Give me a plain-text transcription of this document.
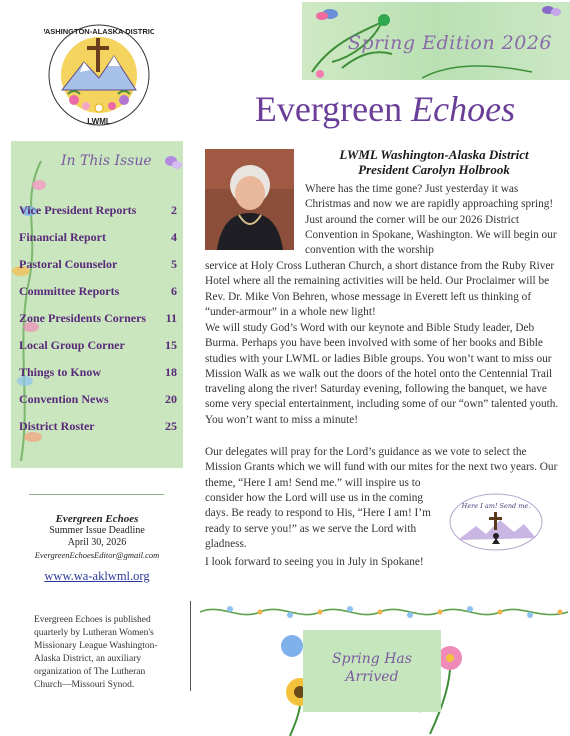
WASHINGTON-ALASKA DISTRICT
LWML
Spring Edition 2026
Evergreen Echoes
In This Issue
Vice President Reports	2
Financial Report	4
Pastoral Counselor	5
Committee Reports	6
Zone Presidents Corners 11
Local Group Corner	15
Things to Know	18
Convention News	20
District Roster	25
Evergreen Echoes
Summer Issue Deadline
April 30, 2026
EvergreenEchoesEditor@gmail.com
www.wa-aklwml.org
Evergreen Echoes is published quarterly by Lutheran Women's Missionary League Washington-Alaska District, an auxiliary organization of The Lutheran Church—Missouri Synod.
LWML Washington-Alaska District
President Carolyn Holbrook
Where has the time gone? Just yesterday it was Christmas and now we are rapidly approaching spring! Just around the corner will be our 2026 District Convention in Spokane, Washington. We will begin our convention with the worship
service at Holy Cross Lutheran Church, a short distance from the Ruby River Hotel where all the remaining activities will be held. Our Proclaimer will be Rev. Dr. Mike Von Behren, whose message in Everett left us thinking of “under-armour” in a whole new light!
We will study God’s Word with our keynote and Bible Study leader, Deb Burma. Perhaps you have been involved with some of her books and Bible studies with your LWML or ladies Bible groups. You won’t want to miss our Mission Walk as we walk out the doors of the hotel onto the Centennial Trail traveling along the river! Saturday evening, following the banquet, we have some very special entertainment, including some of our “own” talented youth. You won’t want to miss a minute!
Our delegates will pray for the Lord’s guidance as we vote to select the Mission Grants which we will fund with our mites for the next two years. Our theme, “Here I am! Send me.” will inspire us to
consider how the Lord will use us in the coming days. Be ready to respond to His, “Here I am! I’m ready to serve you!” as we serve the Lord with gladness.
I look forward to seeing you in July in Spokane!
Here I am! Send me.
Spring Has
Arrived
